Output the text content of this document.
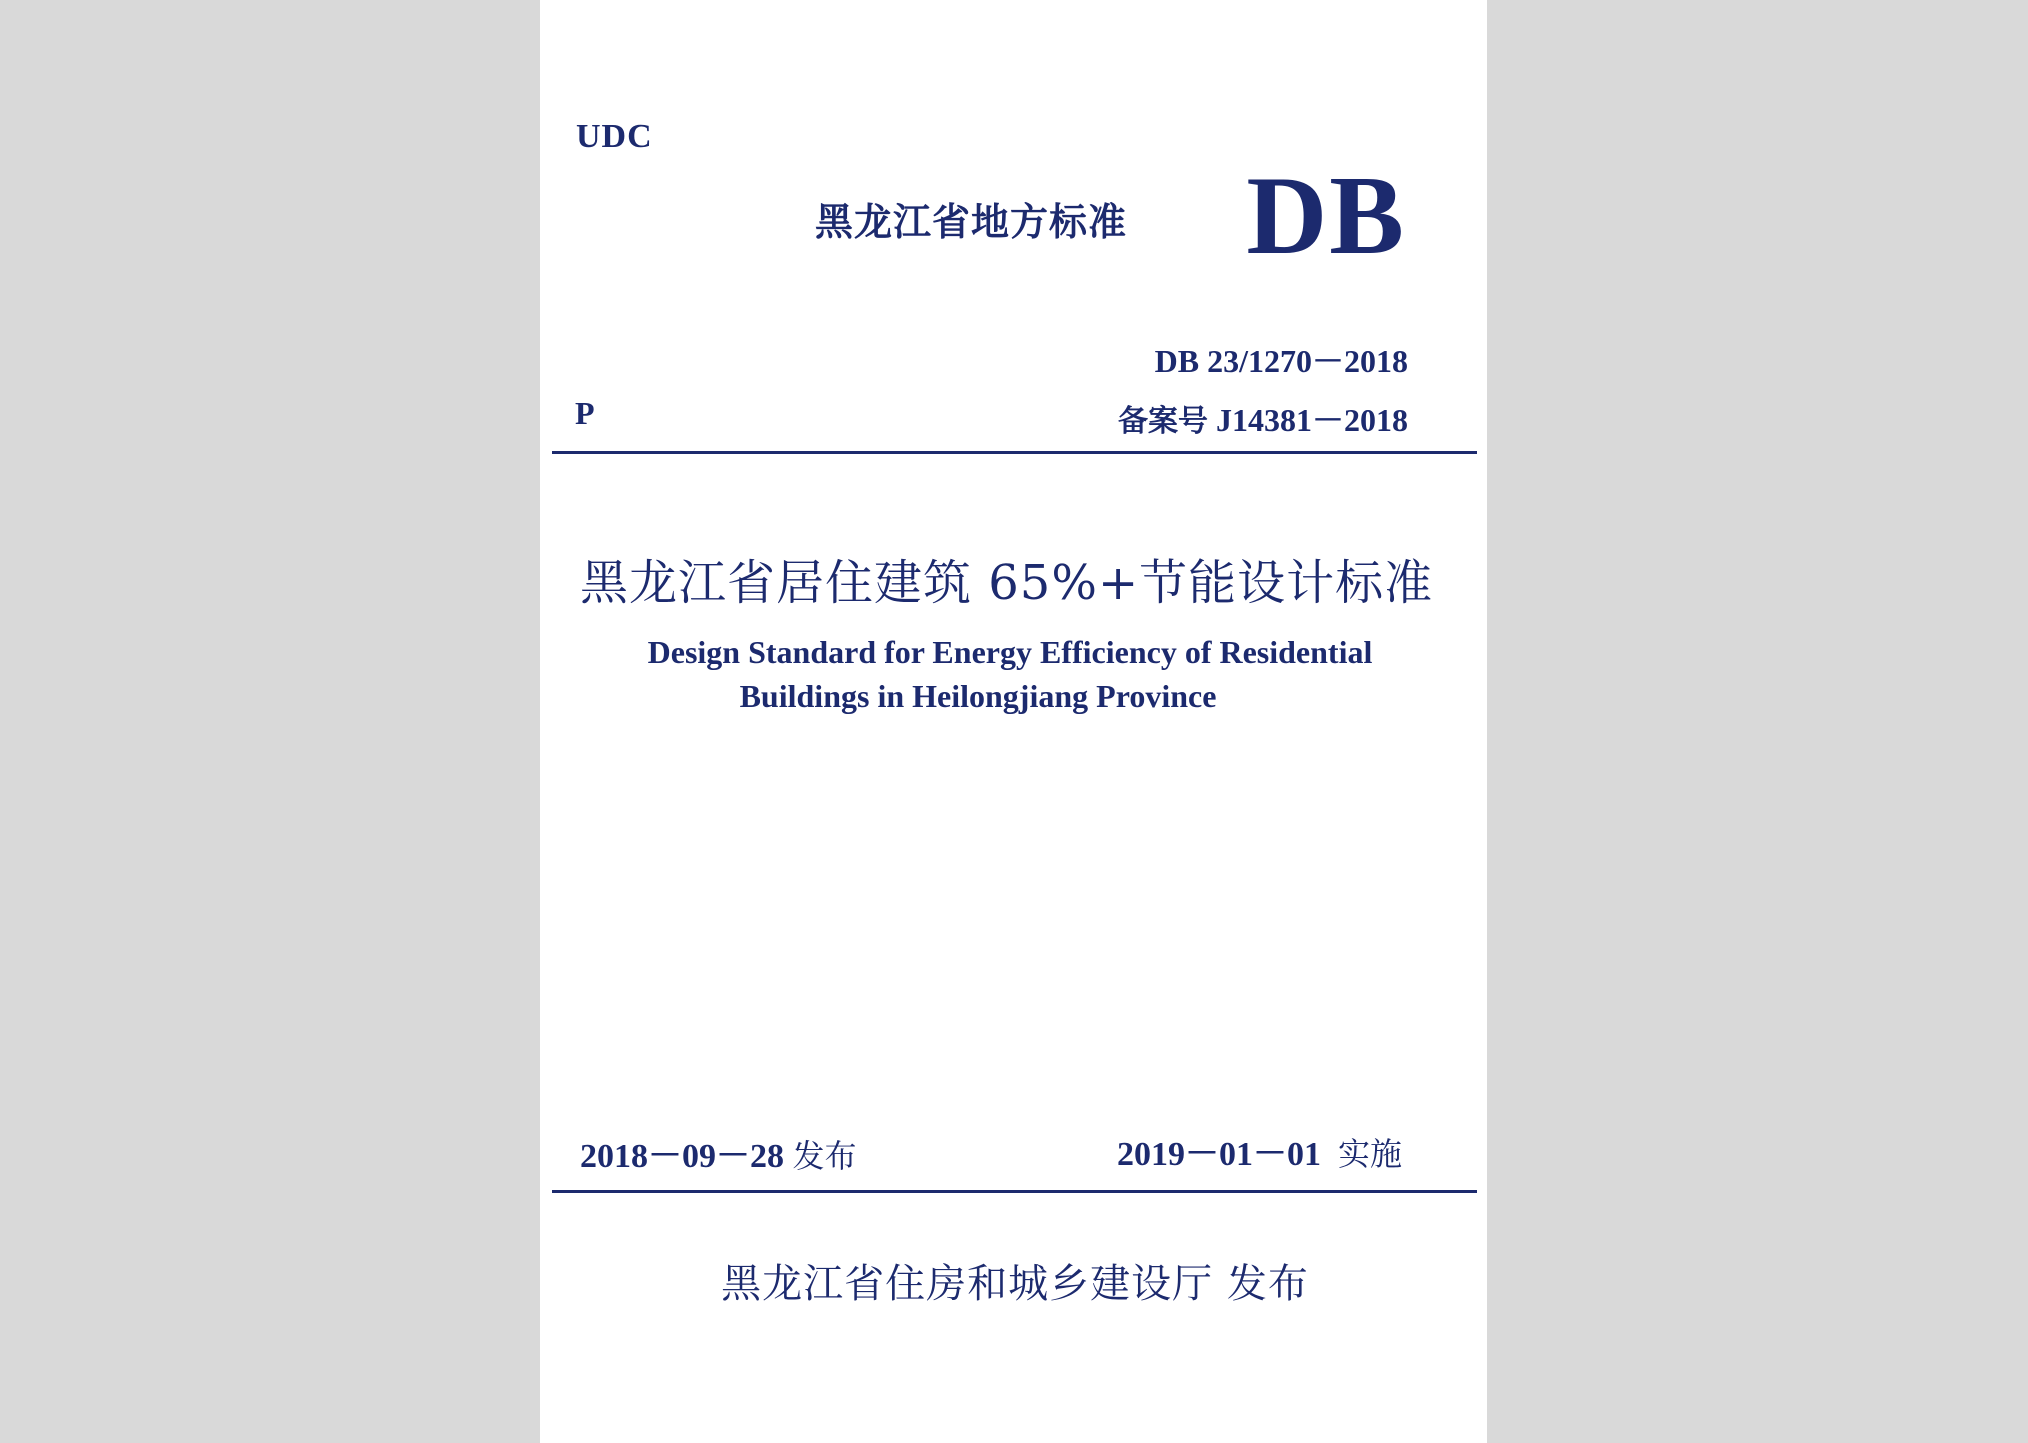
UDC

黑龙江省地方标准 DB

DB 23/1270－2018

P	备案号 J14381－2018

黑龙江省居住建筑 65%+节能设计标准

Design Standard for Energy Efficiency of Residential

Buildings in Heilongjiang Province

2018－09－28 发布	2019－01－01 实施

黑龙江省住房和城乡建设厅 发布
